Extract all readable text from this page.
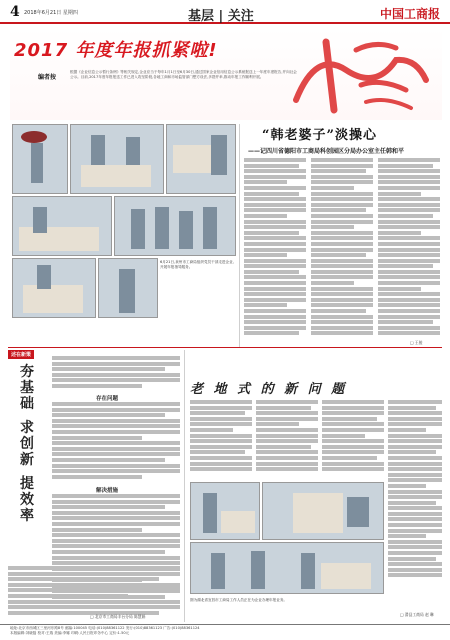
4 2018年6月21日 星期四	基层 | 关注	中国工商报
2017 年度年报抓紧啦!
编者按
根据《企业信息公示暂行条例》等相关规定,企业应当于每年1月1日至6月30日,通过国家企业信用信息公示系统报送上一年度年度报告,并向社会公示。目前,2017年度年报报送工作已进入攻坚阶段,各地工商和市场监管部门想方设法,多措并举,推动年报工作顺利开展。
6月21日,泉州市工商局组织党员干部走进企业,开展年报指导服务。
“韩老婆子”淡操心
——记四川省德阳市工商局科创园区分局办公室主任韩和平
□ 王骏
述在新策
夯
基
础
求
创
新
提
效
率
存在问题
解决措施
□ 北京市工商局丰台分局 陈慧娟
老 地 式 的 新 问 题
图为湖北省宜昌市工商局工作人员正在为企业办理年报业务。
□ 滑县工商局 赵 琳
地址:北京市西城区三里河东路8号 邮编:100045 电话:(010)88361122 发行:(010)88361123 广告:(010)88361124
本版编辑:刘晓磊 校对:王瑞 美编:李娜 印刷:人民日报印务中心 定价:1.50元
